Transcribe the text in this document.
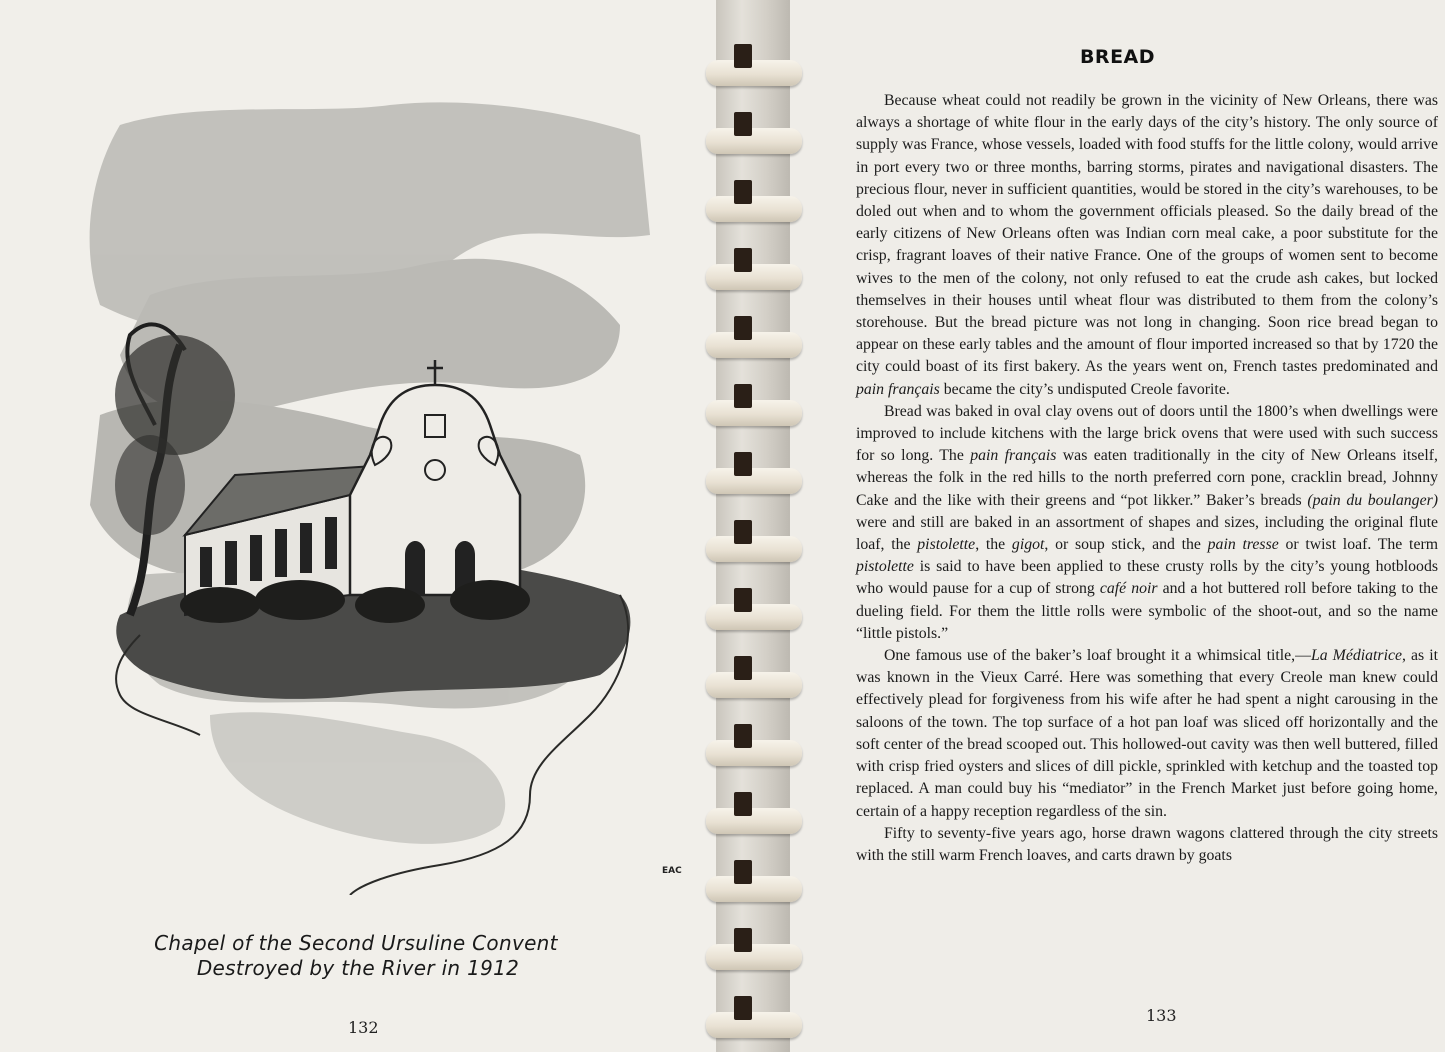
EAC
Chapel of the Second Ursuline Convent
Destroyed by the River in 1912
132
BREAD

Because wheat could not readily be grown in the vicinity of New Orleans, there was always a shortage of white flour in the early days of the city’s history. The only source of supply was France, whose vessels, loaded with food stuffs for the little colony, would arrive in port every two or three months, barring storms, pirates and navigational disasters. The precious flour, never in sufficient quantities, would be stored in the city’s warehouses, to be doled out when and to whom the government officials pleased. So the daily bread of the early citizens of New Orleans often was Indian corn meal cake, a poor substitute for the crisp, fragrant loaves of their native France. One of the groups of women sent to become wives to the men of the colony, not only refused to eat the crude ash cakes, but locked themselves in their houses until wheat flour was distributed to them from the colony’s storehouse. But the bread picture was not long in changing. Soon rice bread began to appear on these early tables and the amount of flour imported increased so that by 1720 the city could boast of its first bakery. As the years went on, French tastes predominated and pain français became the city’s undisputed Creole favorite.

Bread was baked in oval clay ovens out of doors until the 1800’s when dwellings were improved to include kitchens with the large brick ovens that were used with such success for so long. The pain français was eaten traditionally in the city of New Orleans itself, whereas the folk in the red hills to the north preferred corn pone, cracklin bread, Johnny Cake and the like with their greens and “pot likker.” Baker’s breads (pain du boulanger) were and still are baked in an assortment of shapes and sizes, including the original flute loaf, the pistolette, the gigot, or soup stick, and the pain tresse or twist loaf. The term pistolette is said to have been applied to these crusty rolls by the city’s young hotbloods who would pause for a cup of strong café noir and a hot buttered roll before taking to the dueling field. For them the little rolls were symbolic of the shoot-out, and so the name “little pistols.”

One famous use of the baker’s loaf brought it a whimsical title,—La Médiatrice, as it was known in the Vieux Carré. Here was something that every Creole man knew could effectively plead for forgiveness from his wife after he had spent a night carousing in the saloons of the town. The top surface of a hot pan loaf was sliced off horizontally and the soft center of the bread scooped out. This hollowed-out cavity was then well buttered, filled with crisp fried oysters and slices of dill pickle, sprinkled with ketchup and the toasted top replaced. A man could buy his “mediator” in the French Market just before going home, certain of a happy reception regardless of the sin.

Fifty to seventy-five years ago, horse drawn wagons clattered through the city streets with the still warm French loaves, and carts drawn by goats

133
